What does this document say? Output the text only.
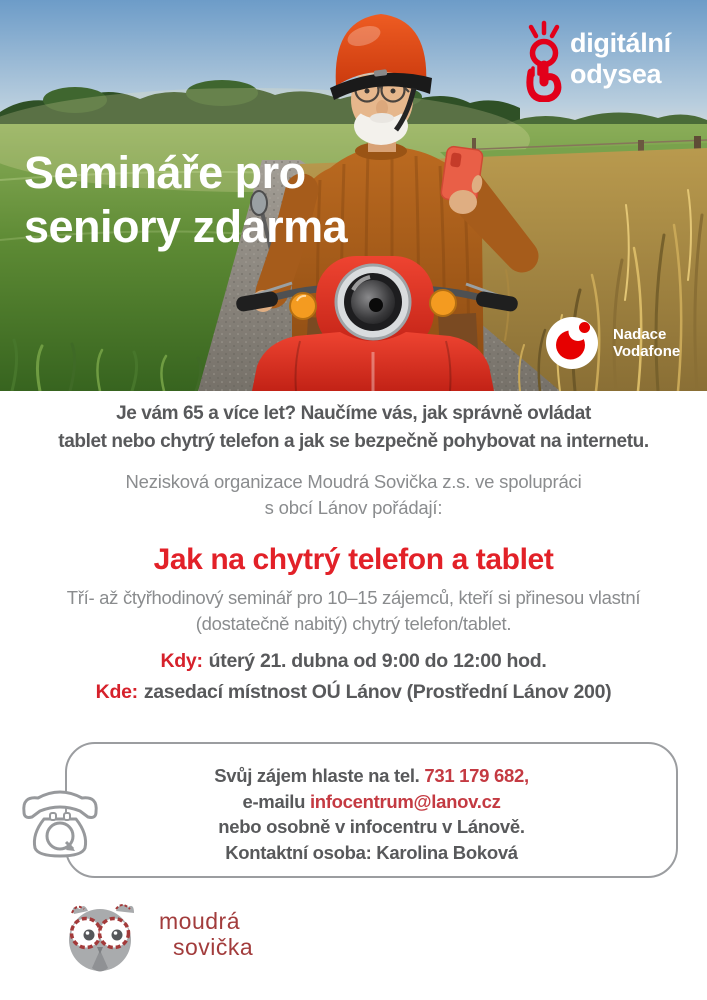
Semináře pro
seniory zdarma
digitální
odysea
Nadace
Vodafone
Je vám 65 a více let? Naučíme vás, jak správně ovládat
tablet nebo chytrý telefon a jak se bezpečně pohybovat na internetu.
Nezisková organizace Moudrá Sovička z.s. ve spolupráci
s obcí Lánov pořádají:
Jak na chytrý telefon a tablet
Tří- až čtyřhodinový seminář pro 10–15 zájemců, kteří si přinesou vlastní
(dostatečně nabitý) chytrý telefon/tablet.
Kdy: úterý 21. dubna od 9:00 do 12:00 hod.
Kde: zasedací místnost OÚ Lánov (Prostřední Lánov 200)
Svůj zájem hlaste na tel. 731 179 682,
e-mailu infocentrum@lanov.cz
nebo osobně v infocentru v Lánově.
Kontaktní osoba: Karolina Boková
moudrá
sovička
